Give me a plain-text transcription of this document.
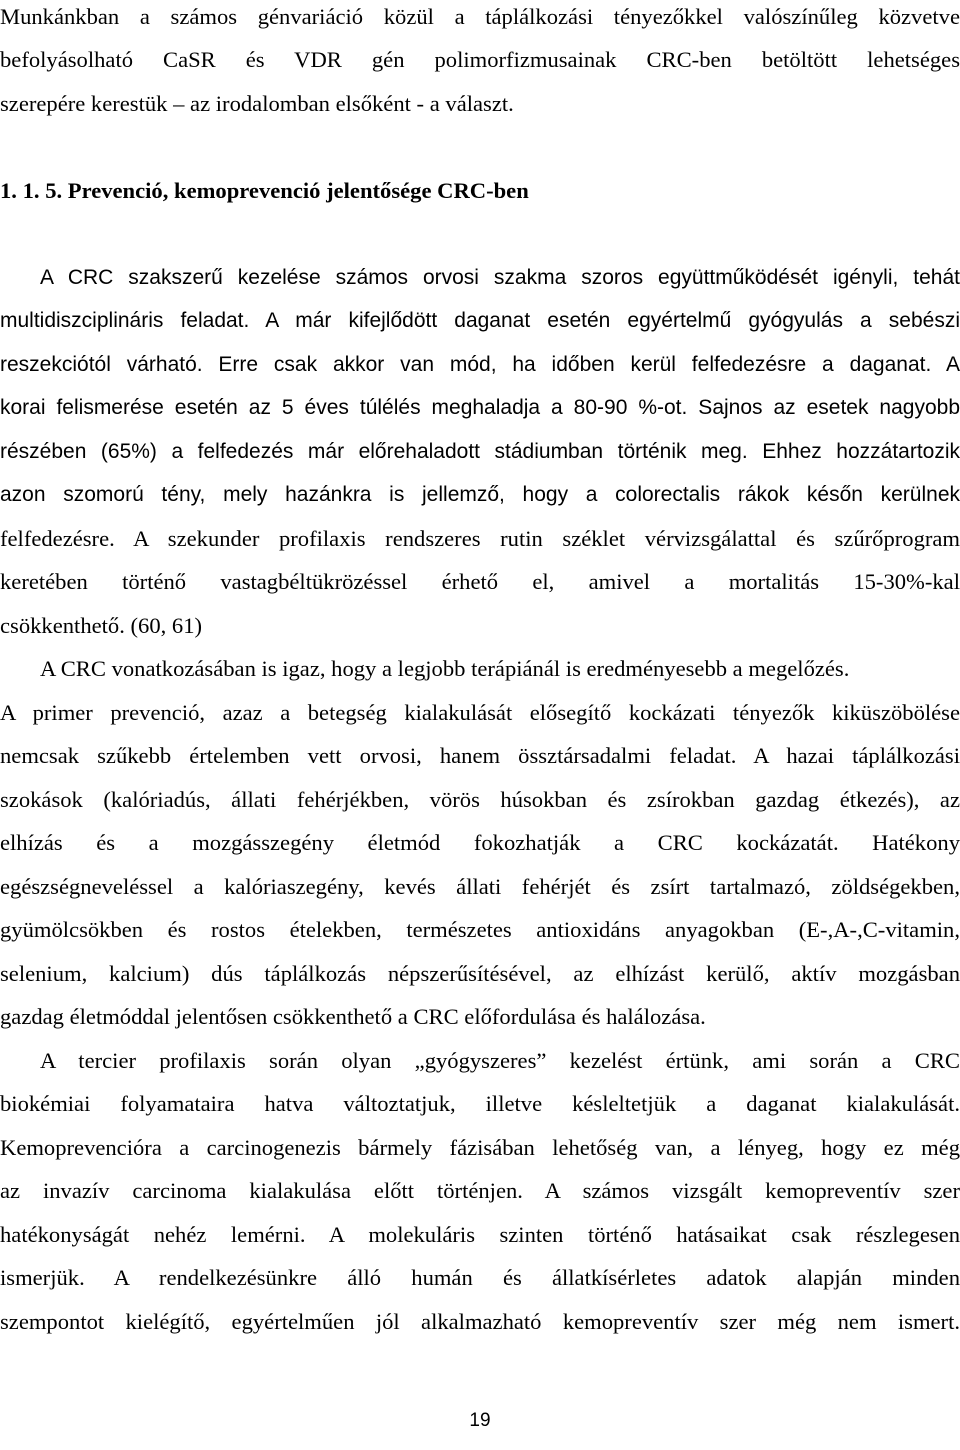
Munkánkban a számos génvariáció közül a táplálkozási tényezőkkel valószínűleg közvetve

befolyásolható CaSR és VDR gén polimorfizmusainak CRC-ben betöltött lehetséges

szerepére kerestük – az irodalomban elsőként - a választ.

1. 1. 5. Prevenció, kemoprevenció jelentősége CRC-ben

A CRC szakszerű kezelése számos orvosi szakma szoros együttműködését igényli, tehát

multidiszciplináris feladat. A már kifejlődött daganat esetén egyértelmű gyógyulás a sebészi

reszekciótól várható. Erre csak akkor van mód, ha időben kerül felfedezésre a daganat. A

korai felismerése esetén az 5 éves túlélés meghaladja a 80-90 %-ot. Sajnos az esetek nagyobb

részében (65%) a felfedezés már előrehaladott stádiumban történik meg. Ehhez hozzátartozik

azon szomorú tény, mely hazánkra is jellemző, hogy a colorectalis rákok későn kerülnek

felfedezésre. A szekunder profilaxis rendszeres rutin széklet vérvizsgálattal és szűrőprogram

keretében történő vastagbéltükrözéssel érhető el, amivel a mortalitás 15-30%-kal

csökkenthető. (60, 61)

A CRC vonatkozásában is igaz, hogy a legjobb terápiánál is eredményesebb a megelőzés.

A primer prevenció, azaz a betegség kialakulását elősegítő kockázati tényezők kiküszöbölése

nemcsak szűkebb értelemben vett orvosi, hanem össztársadalmi feladat. A hazai táplálkozási

szokások (kalóriadús, állati fehérjékben, vörös húsokban és zsírokban gazdag étkezés), az

elhízás és a mozgásszegény életmód fokozhatják a CRC kockázatát. Hatékony

egészségneveléssel a kalóriaszegény, kevés állati fehérjét és zsírt tartalmazó, zöldségekben,

gyümölcsökben és rostos ételekben, természetes antioxidáns anyagokban (E-,A-,C-vitamin,

selenium, kalcium) dús táplálkozás népszerűsítésével, az elhízást kerülő, aktív mozgásban

gazdag életmóddal jelentősen csökkenthető a CRC előfordulása és halálozása.

A tercier profilaxis során olyan „gyógyszeres” kezelést értünk, ami során a CRC

biokémiai folyamataira hatva változtatjuk, illetve késleltetjük a daganat kialakulását.

Kemoprevencióra a carcinogenezis bármely fázisában lehetőség van, a lényeg, hogy ez még

az invazív carcinoma kialakulása előtt történjen. A számos vizsgált kemopreventív szer

hatékonyságát nehéz lemérni. A molekuláris szinten történő hatásaikat csak részlegesen

ismerjük. A rendelkezésünkre álló humán és állatkísérletes adatok alapján minden

szempontot kielégítő, egyértelműen jól alkalmazható kemopreventív szer még nem ismert.

19
